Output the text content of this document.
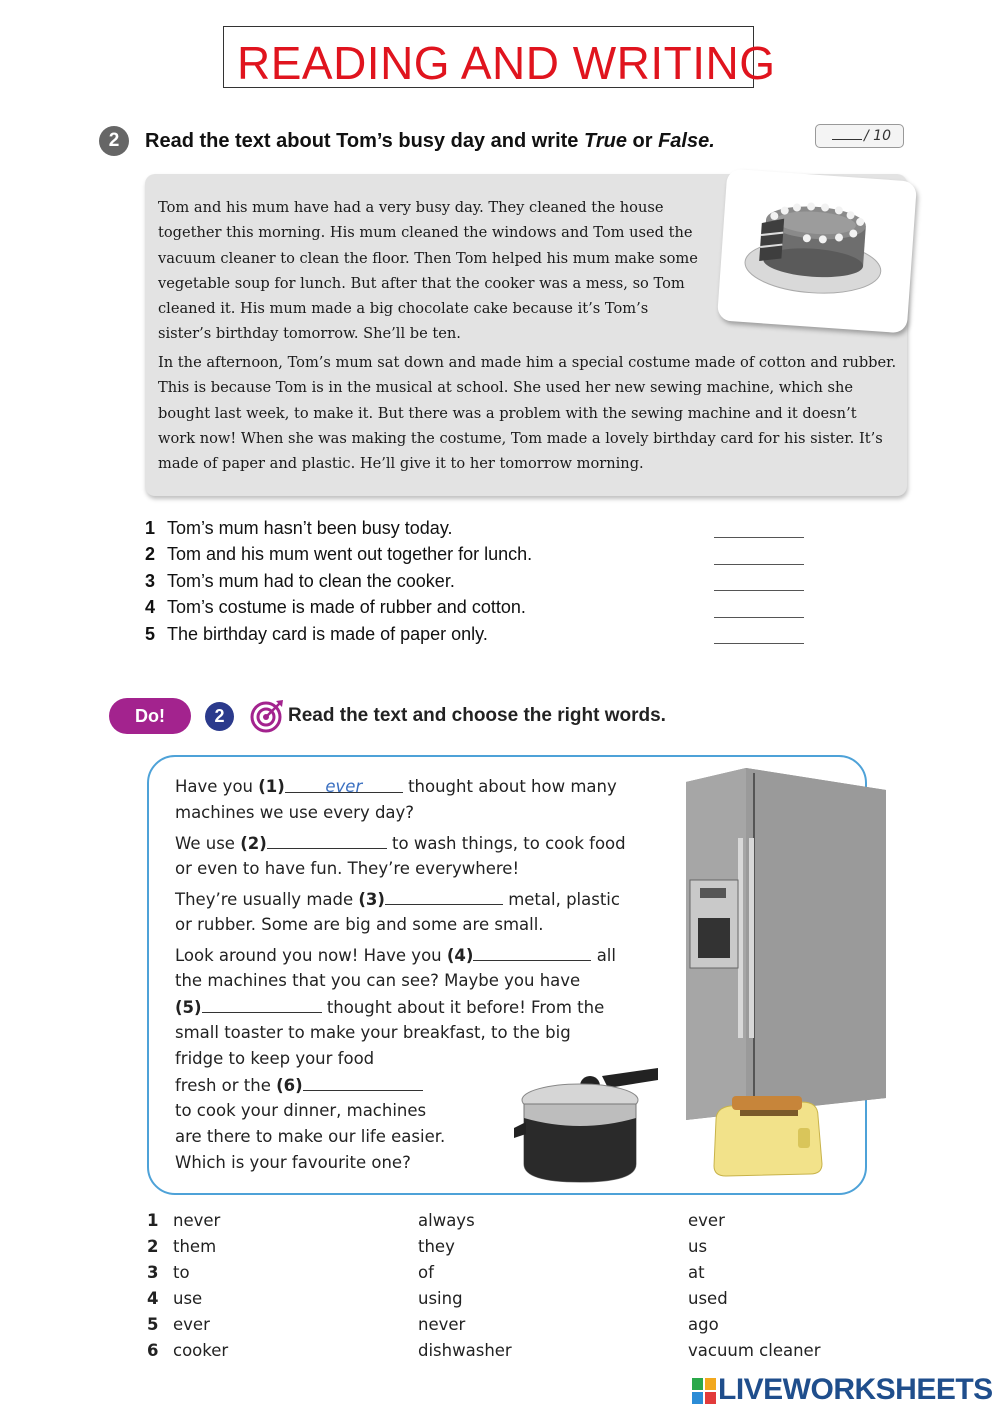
READING AND WRITING
2	Read the text about Tom’s busy day and write True or False.	/ 10

Tom and his mum have had a very busy day. They cleaned the house together this morning. His mum cleaned the windows and Tom used the vacuum cleaner to clean the floor. Then Tom helped his mum make some vegetable soup for lunch. But after that the cooker was a mess, so Tom cleaned it. His mum made a big chocolate cake because it’s Tom’s sister’s birthday tomorrow. She’ll be ten.

In the afternoon, Tom’s mum sat down and made him a special costume made of cotton and rubber. This is because Tom is in the musical at school. She used her new sewing machine, which she bought last week, to make it. But there was a problem with the sewing machine and it doesn’t work now! When she was making the costume, Tom made a lovely birthday card for his sister. It’s made of paper and plastic. He’ll give it to her tomorrow morning.

1 Tom’s mum hasn’t been busy today.
2 Tom and his mum went out together for lunch.
3 Tom’s mum had to clean the cooker.
4 Tom’s costume is made of rubber and cotton.
5 The birthday card is made of paper only.
Do!	2	Read the text and choose the right words.
Have you (1) ever thought about how many
machines we use every day?
We use (2)	to wash things, to cook food
or even to have fun. They’re everywhere!
They’re usually made (3)	metal, plastic
or rubber. Some are big and some are small.
Look around you now! Have you (4)	all
the machines that you can see? Maybe you have
(5)	thought about it before! From the
small toaster to make your breakfast, to the big
fridge to keep your food
fresh or the (6)
to cook your dinner, machines
are there to make our life easier.
Which is your favourite one?
1 never	always	ever
2 them	they	us
3 to	of	at
4 use	using	used
5 ever	never	ago
6 cooker	dishwasher	vacuum cleaner
LIVEWORKSHEETS
